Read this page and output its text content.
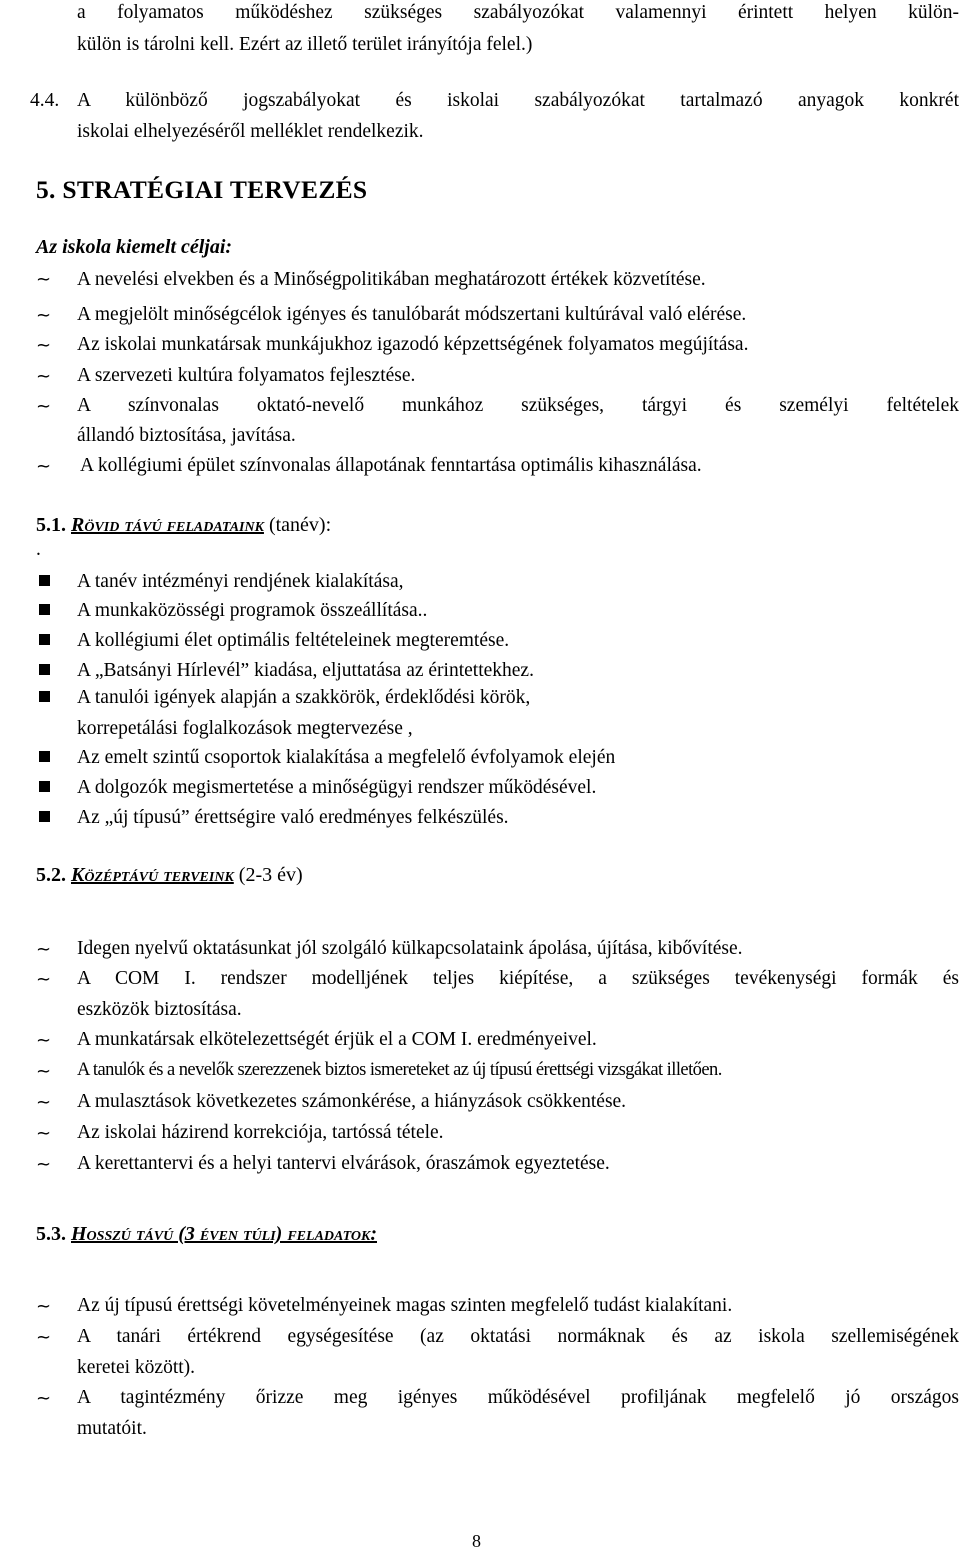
a folyamatos működéshez szükséges szabályozókat valamennyi érintett helyen külön-
külön is tárolni kell. Ezért az illető terület irányítója felel.)
4.4. A különböző jogszabályokat és iskolai szabályozókat tartalmazó anyagok konkrét
iskolai elhelyezéséről melléklet rendelkezik.
5. STRATÉGIAI TERVEZÉS
Az iskola kiemelt céljai:
~ A nevelési elvekben és a Minőségpolitikában meghatározott értékek közvetítése.
~ A megjelölt minőségcélok igényes és tanulóbarát módszertani kultúrával való elérése.
~ Az iskolai munkatársak munkájukhoz igazodó képzettségének folyamatos megújítása.
~ A szervezeti kultúra folyamatos fejlesztése.
~ A színvonalas oktató-nevelő munkához szükséges, tárgyi és személyi feltételek
állandó biztosítása, javítása.
~ A kollégiumi épület színvonalas állapotának fenntartása optimális kihasználása.
5.1. Rövid távú feladataink (tanév):
.
A tanév intézményi rendjének kialakítása,
A munkaközösségi programok összeállítása..
A kollégiumi élet optimális feltételeinek megteremtése.
A „Batsányi Hírlevél” kiadása, eljuttatása az érintettekhez.
A tanulói igények alapján a szakkörök, érdeklődési körök,
korrepetálási foglalkozások megtervezése ,
Az emelt szintű csoportok kialakítása a megfelelő évfolyamok elején
A dolgozók megismertetése a minőségügyi rendszer működésével.
Az „új típusú” érettségire való eredményes felkészülés.
5.2. Középtávú terveink (2-3 év)
~ Idegen nyelvű oktatásunkat jól szolgáló külkapcsolataink ápolása, újítása, kibővítése.
~ A COM I. rendszer modelljének teljes kiépítése, a szükséges tevékenységi formák és
eszközök biztosítása.
~ A munkatársak elkötelezettségét érjük el a COM I. eredményeivel.
~ A tanulók és a nevelők szerezzenek biztos ismereteket az új típusú érettségi vizsgákat illetően.
~ A mulasztások következetes számonkérése, a hiányzások csökkentése.
~ Az iskolai házirend korrekciója, tartóssá tétele.
~ A kerettantervi és a helyi tantervi elvárások, óraszámok egyeztetése.
5.3. Hosszú távú (3 éven túli) feladatok:
~ Az új típusú érettségi követelményeinek magas szinten megfelelő tudást kialakítani.
~ A tanári értékrend egységesítése (az oktatási normáknak és az iskola szellemiségének
keretei között).
~ A tagintézmény őrizze meg igényes működésével profiljának megfelelő jó országos
mutatóit.
8
